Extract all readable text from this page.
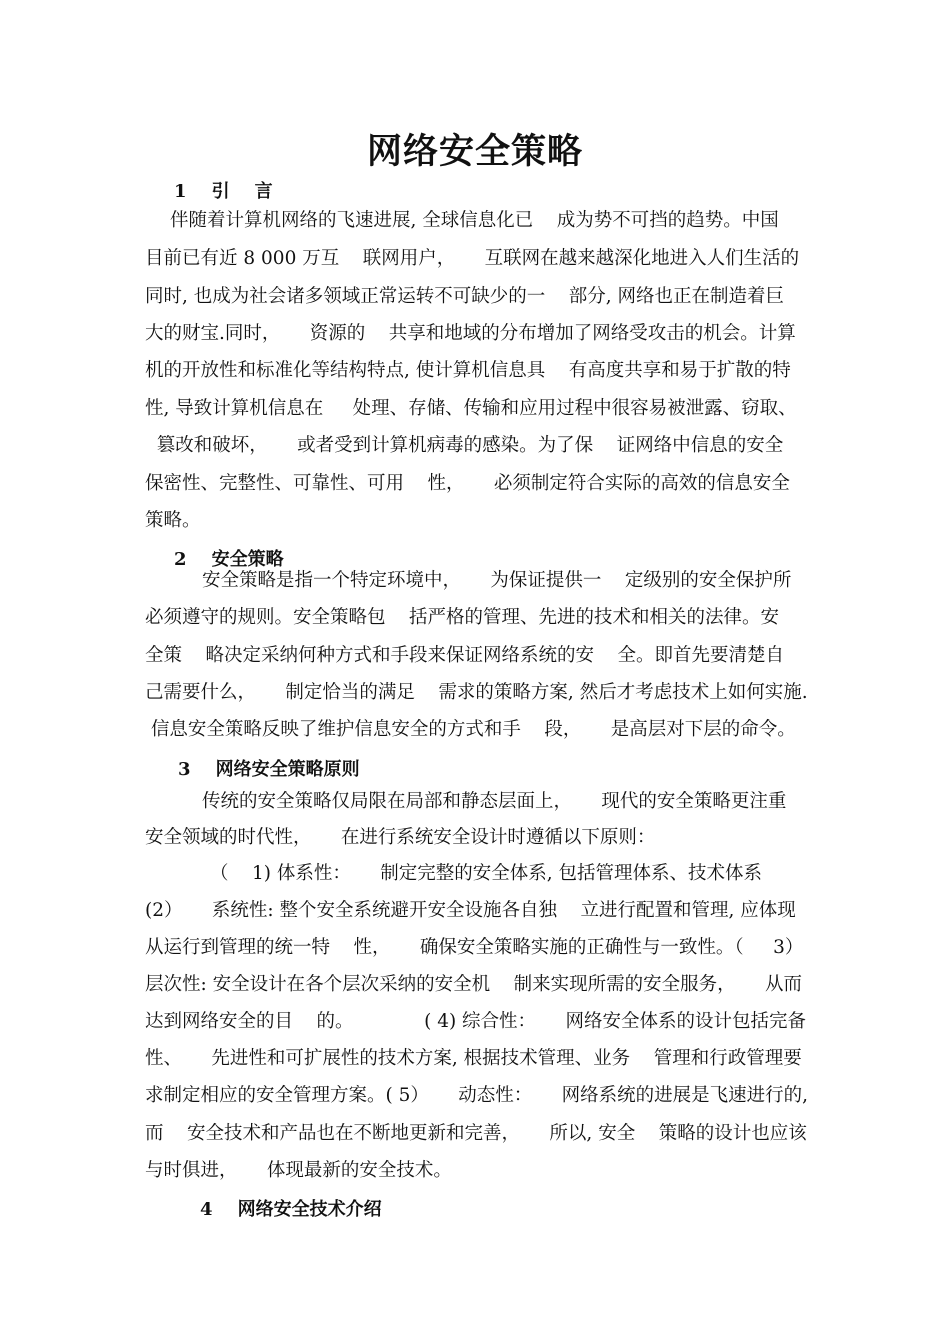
网络安全策略
1    引    言
伴随着计算机网络的飞速进展, 全球信息化已    成为势不可挡的趋势。中国
目前已有近 8 000 万互    联网用户，     互联网在越来越深化地进入人们生活的
同时, 也成为社会诸多领域正常运转不可缺少的一    部分, 网络也正在制造着巨
大的财宝.同时，     资源的    共享和地域的分布增加了网络受攻击的机会。计算
机的开放性和标准化等结构特点, 使计算机信息具    有高度共享和易于扩散的特
性, 导致计算机信息在     处理、存储、传输和应用过程中很容易被泄露、窃取、
篡改和破坏，     或者受到计算机病毒的感染。为了保    证网络中信息的安全
保密性、完整性、可靠性、可用    性，     必须制定符合实际的高效的信息安全
策略。
2    安全策略
安全策略是指一个特定环境中，     为保证提供一    定级别的安全保护所
必须遵守的规则。安全策略包    括严格的管理、先进的技术和相关的法律。安
全策    略决定采纳何种方式和手段来保证网络系统的安    全。即首先要清楚自
己需要什么，     制定恰当的满足    需求的策略方案, 然后才考虑技术上如何实施.
信息安全策略反映了维护信息安全的方式和手    段，     是高层对下层的命令。
3    网络安全策略原则
传统的安全策略仅局限在局部和静态层面上，     现代的安全策略更注重
安全领域的时代性，     在进行系统安全设计时遵循以下原则：
（    1) 体系性：     制定完整的安全体系, 包括管理体系、技术体系
(2）     系统性: 整个安全系统避开安全设施各自独    立进行配置和管理, 应体现
从运行到管理的统一特    性，     确保安全策略实施的正确性与一致性。（     3）
层次性: 安全设计在各个层次采纳的安全机    制来实现所需的安全服务，     从而
达到网络安全的目    的。            ( 4) 综合性：     网络安全体系的设计包括完备
性、     先进性和可扩展性的技术方案, 根据技术管理、业务    管理和行政管理要
求制定相应的安全管理方案。( 5）     动态性：     网络系统的进展是飞速进行的,
而    安全技术和产品也在不断地更新和完善，     所以, 安全    策略的设计也应该
与时俱进，     体现最新的安全技术。
4    网络安全技术介绍
